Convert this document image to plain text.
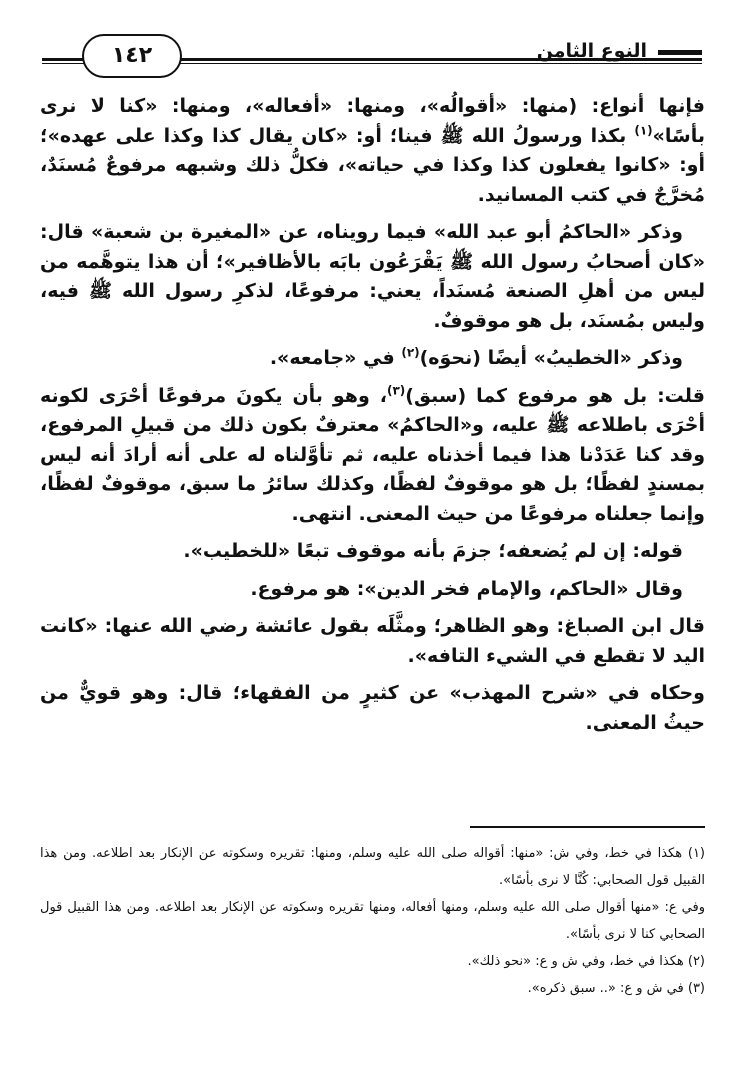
النوع الثامن
١٤٢

فإنها أنواع: (منها: «أقوالُه»، ومنها: «أفعاله»، ومنها: «كنا لا نرى بأسًا»$^{(١)}$ بكذا ورسولُ الله ﷺ فينا؛ أو: «كان يقال كذا وكذا على عهده»؛ أو: «كانوا يفعلون كذا وكذا في حياته»، فكلُّ ذلك وشبهه مرفوعٌ مُسنَدٌ، مُخرَّجٌ في كتب المسانيد.

وذكر «الحاكمُ أبو عبد الله» فيما رويناه، عن «المغيرة بن شعبة» قال: «كان أصحابُ رسول الله ﷺ يَقْرَعُون بابَه بالأظافير»؛ أن هذا يتوهَّمه من ليس من أهلِ الصنعة مُسنَداً، يعني: مرفوعًا، لذكرِ رسول الله ﷺ فيه، وليس بمُسنَد، بل هو موقوفٌ.

وذكر «الخطيبُ» أيضًا (نحوَه)$^{(٢)}$ في «جامعه».

قلت: بل هو مرفوع كما (سبق)$^{(٣)}$، وهو بأن يكونَ مرفوعًا أحْرَى لكونه أحْرَى باطلاعه ﷺ عليه، و«الحاكمُ» معترفٌ بكون ذلك من قبيلِ المرفوع، وقد كنا عَدَدْنا هذا فيما أخذناه عليه، ثم تأوَّلناه له على أنه أرادَ أنه ليس بمسندٍ لفظًا؛ بل هو موقوفٌ لفظًا، وكذلك سائرُ ما سبق، موقوفٌ لفظًا، وإنما جعلناه مرفوعًا من حيث المعنى. انتهى.

قوله: إن لم يُضعفه؛ جزمَ بأنه موقوف تبعًا «للخطيب».

وقال «الحاكم، والإمام فخر الدين»: هو مرفوع.

قال ابن الصباغ: وهو الظاهر؛ ومثَّلَه بقول عائشة رضي الله عنها: «كانت اليد لا تقطع في الشيء التافه».

وحكاه في «شرح المهذب» عن كثيرٍ من الفقهاء؛ قال: وهو قويٌّ من حيثُ المعنى.

(١) هكذا في خط، وفي ش: «منها: أقواله صلى الله عليه وسلم، ومنها: تقريره وسكوته عن الإنكار بعد اطلاعه. ومن هذا القبيل قول الصحابي: كُنَّا لا نرى بأسًا».

وفي ع: «منها أقوال صلى الله عليه وسلم، ومنها أفعاله، ومنها تقريره وسكوته عن الإنكار بعد اطلاعه. ومن هذا القبيل قول الصحابي كنا لا نرى بأسًا».

(٢) هكذا في خط، وفي ش و ع: «نحو ذلك».

(٣) في ش و ع: «.. سبق ذكره».
